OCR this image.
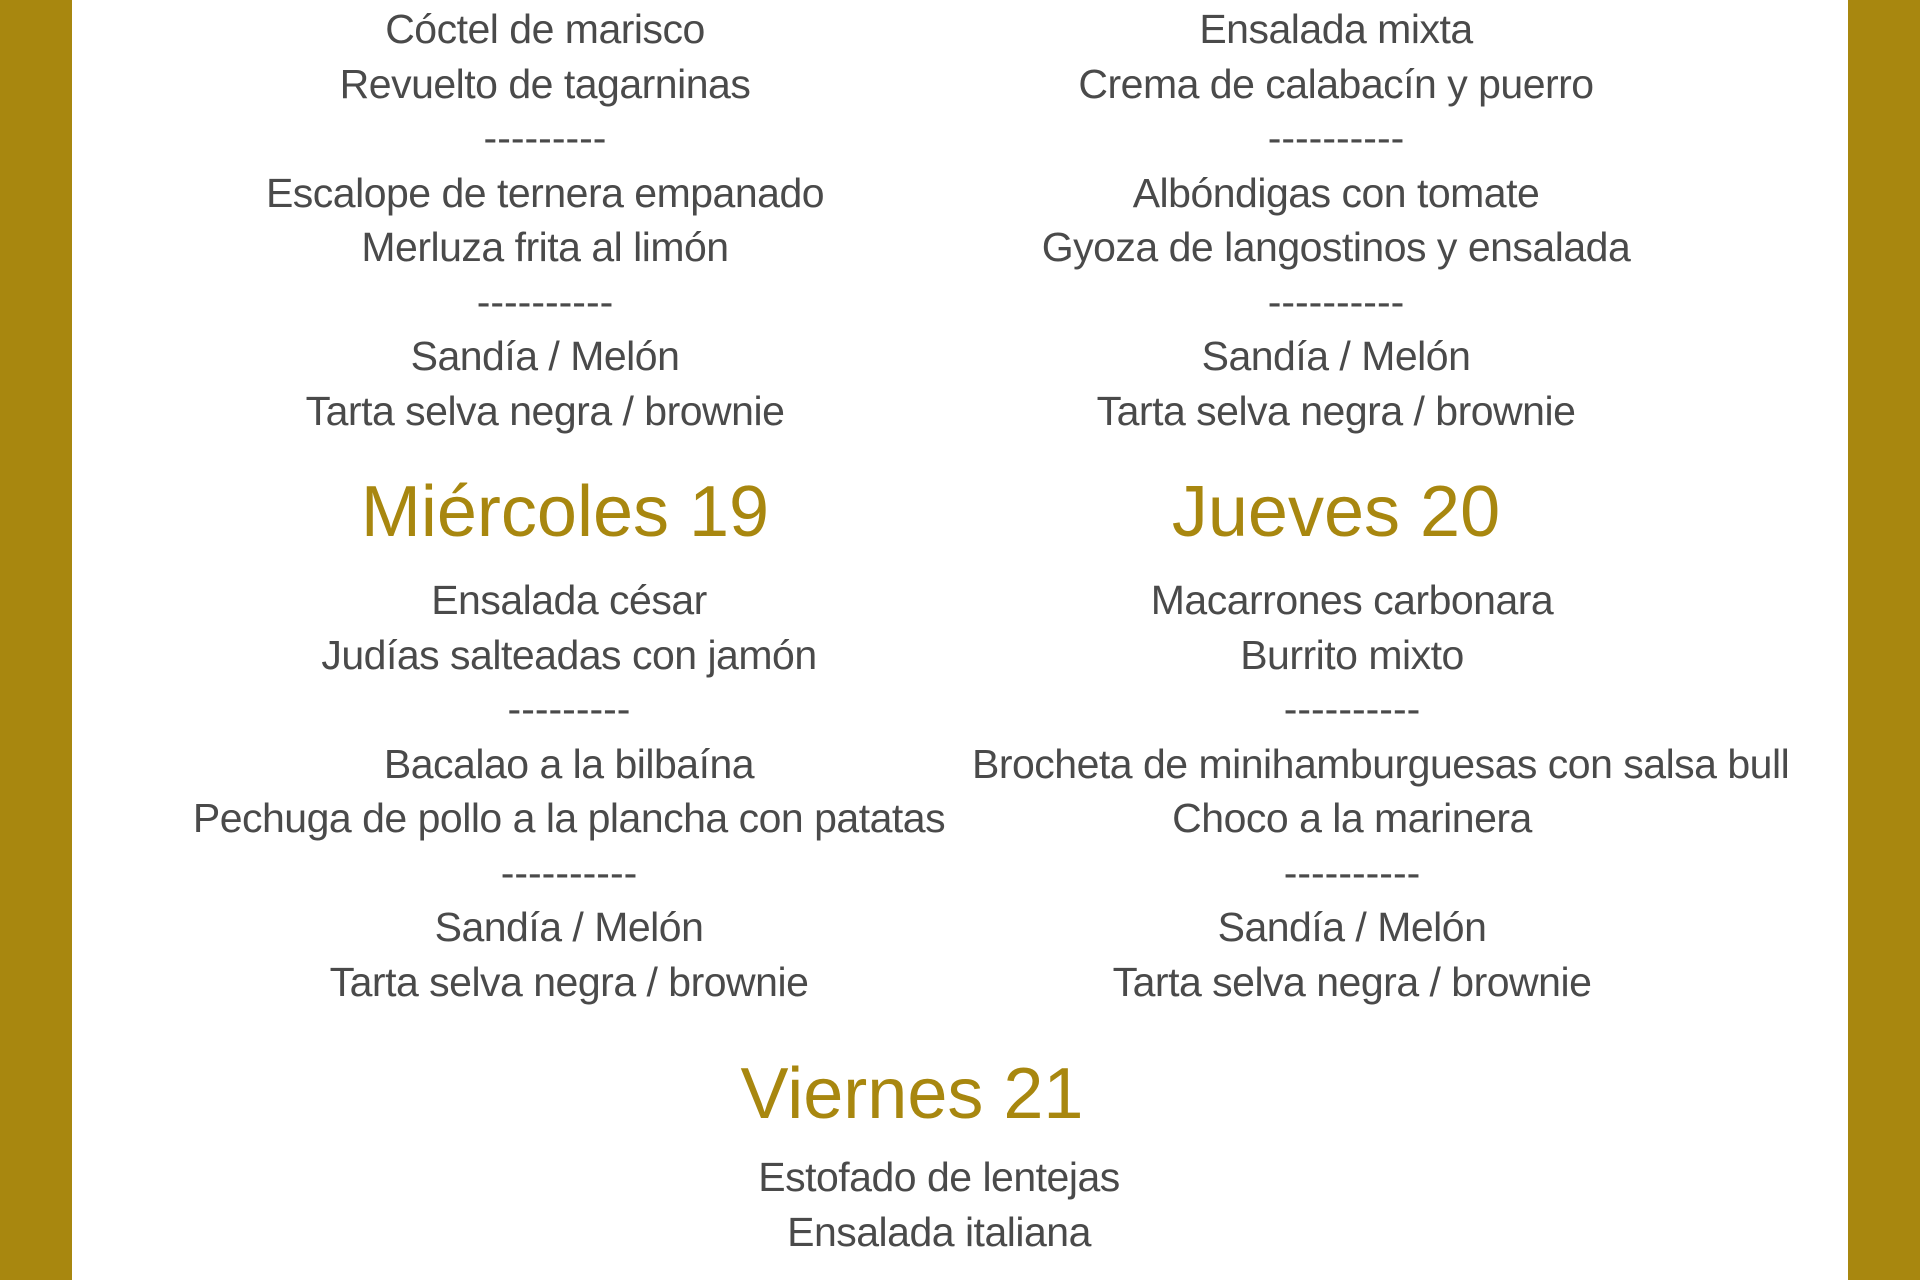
Cóctel de marisco
Revuelto de tagarninas
---------
Escalope de ternera empanado
Merluza frita al limón
----------
Sandía / Melón
Tarta selva negra / brownie
Ensalada mixta
Crema de calabacín y puerro
----------
Albóndigas con tomate
Gyoza de langostinos y ensalada
----------
Sandía / Melón
Tarta selva negra / brownie
Miércoles 19
Ensalada césar
Judías salteadas con jamón
---------
Bacalao a la bilbaína
Pechuga de pollo a la plancha con patatas
----------
Sandía / Melón
Tarta selva negra / brownie
Jueves 20
Macarrones carbonara
Burrito mixto
----------
Brocheta de minihamburguesas con salsa bull
Choco a la marinera
----------
Sandía / Melón
Tarta selva negra / brownie
Viernes 21
Estofado de lentejas
Ensalada italiana
